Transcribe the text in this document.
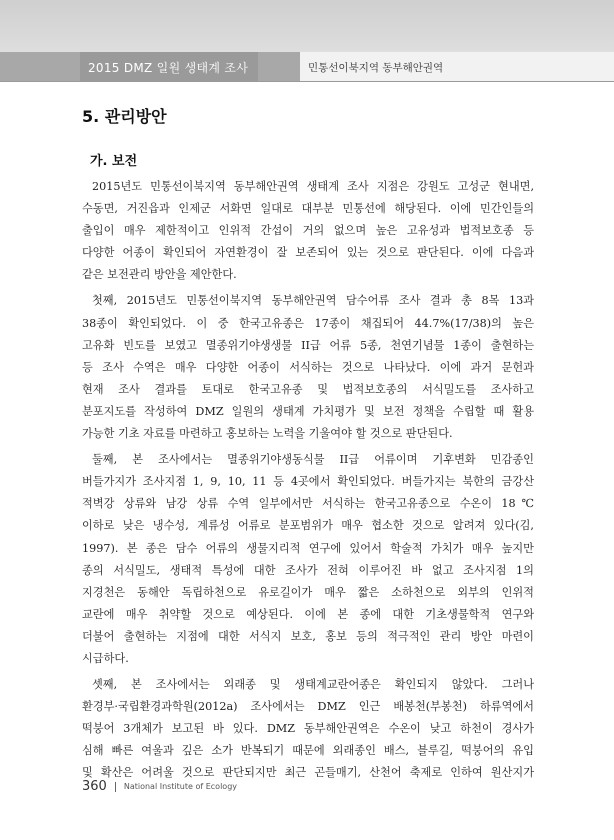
2015 DMZ 일원 생태계 조사	민통선이북지역 동부해안권역
5. 관리방안
가. 보전
2015년도 민통선이북지역 동부해안권역 생태계 조사 지점은 강원도 고성군 현내면,
수동면, 거진읍과 인제군 서화면 일대로 대부분 민통선에 해당된다. 이에 민간인들의
출입이 매우 제한적이고 인위적 간섭이 거의 없으며 높은 고유성과 법적보호종 등
다양한 어종이 확인되어 자연환경이 잘 보존되어 있는 것으로 판단된다. 이에 다음과
같은 보전관리 방안을 제안한다.
첫째, 2015년도 민통선이북지역 동부해안권역 담수어류 조사 결과 총 8목 13과
38종이 확인되었다. 이 중 한국고유종은 17종이 채집되어 44.7%(17/38)의 높은
고유화 빈도를 보였고 멸종위기야생생물 II급 어류 5종, 천연기념물 1종이 출현하는
등 조사 수역은 매우 다양한 어종이 서식하는 것으로 나타났다. 이에 과거 문헌과
현재 조사 결과를 토대로 한국고유종 및 법적보호종의 서식밀도를 조사하고
분포지도를 작성하여 DMZ 일원의 생태계 가치평가 및 보전 정책을 수립할 때 활용
가능한 기초 자료를 마련하고 홍보하는 노력을 기울여야 할 것으로 판단된다.
둘째, 본 조사에서는 멸종위기야생동식물 II급 어류이며 기후변화 민감종인
버들가지가 조사지점 1, 9, 10, 11 등 4곳에서 확인되었다. 버들가지는 북한의 금강산
적벽강 상류와 남강 상류 수역 일부에서만 서식하는 한국고유종으로 수온이 18℃
이하로 낮은 냉수성, 계류성 어류로 분포범위가 매우 협소한 것으로 알려져 있다(김,
1997). 본 종은 담수 어류의 생물지리적 연구에 있어서 학술적 가치가 매우 높지만
종의 서식밀도, 생태적 특성에 대한 조사가 전혀 이루어진 바 없고 조사지점 1의
지경천은 동해안 독립하천으로 유로길이가 매우 짧은 소하천으로 외부의 인위적
교란에 매우 취약할 것으로 예상된다. 이에 본 종에 대한 기초생물학적 연구와
더불어 출현하는 지점에 대한 서식지 보호, 홍보 등의 적극적인 관리 방안 마련이
시급하다.
셋째, 본 조사에서는 외래종 및 생태계교란어종은 확인되지 않았다. 그러나
환경부·국립환경과학원(2012a) 조사에서는 DMZ 인근 배봉천(부봉천) 하류역에서
떡붕어 3개체가 보고된 바 있다. DMZ 동부해안권역은 수온이 낮고 하천이 경사가
심해 빠른 여울과 깊은 소가 반복되기 때문에 외래종인 배스, 블루길, 떡붕어의 유입
및 확산은 어려울 것으로 판단되지만 최근 곤들매기, 산천어 축제로 인하여 원산지가
360 National Institute of Ecology
